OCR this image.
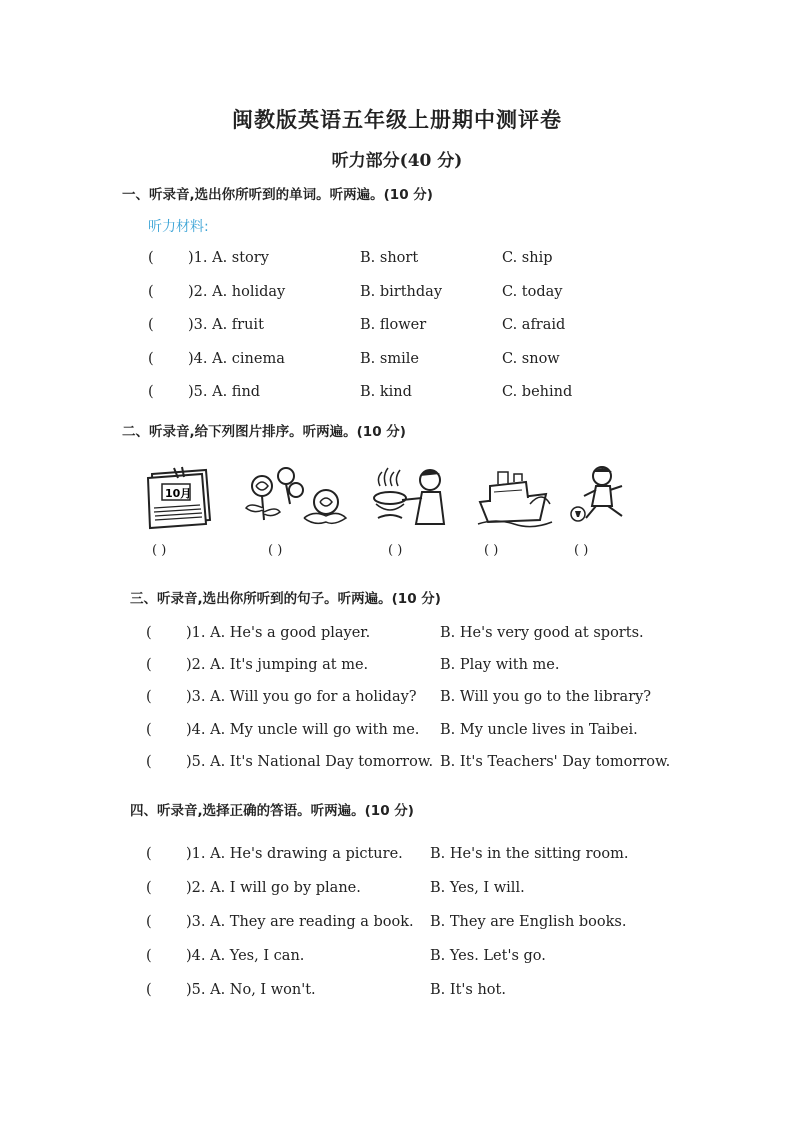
闽教版英语五年级上册期中测评卷
听力部分(40 分)
一、听录音,选出你所听到的单词。听两遍。(10 分)
听力材料:
( )1. A. story	B. short	C. ship
( )2. A. holiday	B. birthday	C. today
( )3. A. fruit	B. flower	C. afraid
( )4. A. cinema	B. smile	C. snow
( )5. A. find	B. kind	C. behind
二、听录音,给下列图片排序。听两遍。(10 分)
10月
( )	( )	( )	( )	( )
三、听录音,选出你所听到的句子。听两遍。(10 分)
( )1. A. He's a good player.	B. He's very good at sports.
( )2. A. It's jumping at me.	B. Play with me.
( )3. A. Will you go for a holiday? B. Will you go to the library?
( )4. A. My uncle will go with me. B. My uncle lives in Taibei.
( )5. A. It's National Day tomorrow. B. It's Teachers' Day tomorrow.
四、听录音,选择正确的答语。听两遍。(10 分)
( )1. A. He's drawing a picture. B. He's in the sitting room.
( )2. A. I will go by plane.	B. Yes, I will.
( )3. A. They are reading a book. B. They are English books.
( )4. A. Yes, I can.	B. Yes. Let's go.
( )5. A. No, I won't.	B. It's hot.
